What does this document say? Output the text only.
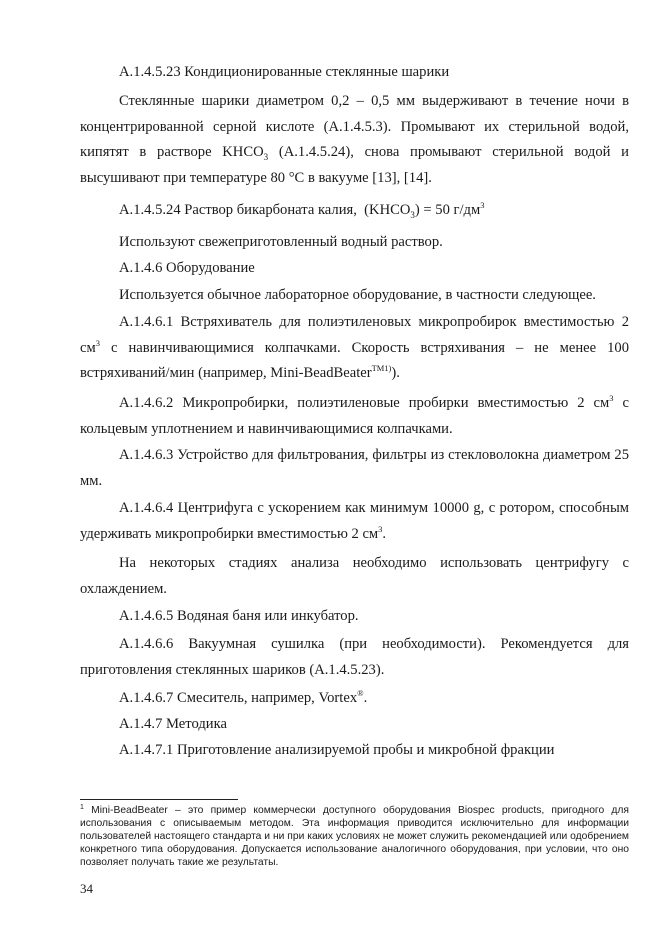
А.1.4.5.23 Кондиционированные стеклянные шарики

Стеклянные шарики диаметром 0,2 – 0,5 мм выдерживают в течение ночи в концентрированной серной кислоте (А.1.4.5.3). Промывают их стерильной водой, кипятят в растворе $KHCO_3$ (А.1.4.5.24), снова промывают стерильной водой и высушивают при температуре 80 °С в вакууме [13], [14].

А.1.4.5.24 Раствор бикарбоната калия,  $(KHCO_3) = 50$ $г/дм^3$

Используют свежеприготовленный водный раствор.

А.1.4.6 Оборудование

Используется обычное лабораторное оборудование, в частности следующее.

А.1.4.6.1 Встряхиватель для полиэтиленовых микропробирок вместимостью 2 $см^3$ с навинчивающимися колпачками. Скорость встряхивания – не менее 100 встряхиваний/мин (например, Mini-BeadBeater$^{ТМ1)}$).

А.1.4.6.2 Микропробирки, полиэтиленовые пробирки вместимостью 2 $см^3$ с кольцевым уплотнением и навинчивающимися колпачками.

А.1.4.6.3 Устройство для фильтрования, фильтры из стекловолокна диаметром 25 мм.

А.1.4.6.4 Центрифуга с ускорением как минимум 10000 g, с ротором, способным удерживать микропробирки вместимостью 2 $см^3$.

На некоторых стадиях анализа необходимо использовать центрифугу с охлаждением.

А.1.4.6.5 Водяная баня или инкубатор.

А.1.4.6.6 Вакуумная сушилка (при необходимости). Рекомендуется для приготовления стеклянных шариков (А.1.4.5.23).

А.1.4.6.7 Смеситель, например, Vortex®.

А.1.4.7 Методика

А.1.4.7.1 Приготовление анализируемой пробы и микробной фракции

$^1$ Mini-BeadBeater – это пример коммерчески доступного оборудования Biospec products, пригодного для использования с описываемым методом. Эта информация приводится исключительно для информации пользователей настоящего стандарта и ни при каких условиях не может служить рекомендацией или одобрением конкретного типа оборудования. Допускается использование аналогичного оборудования, при условии, что оно позволяет получать такие же результаты.

34
